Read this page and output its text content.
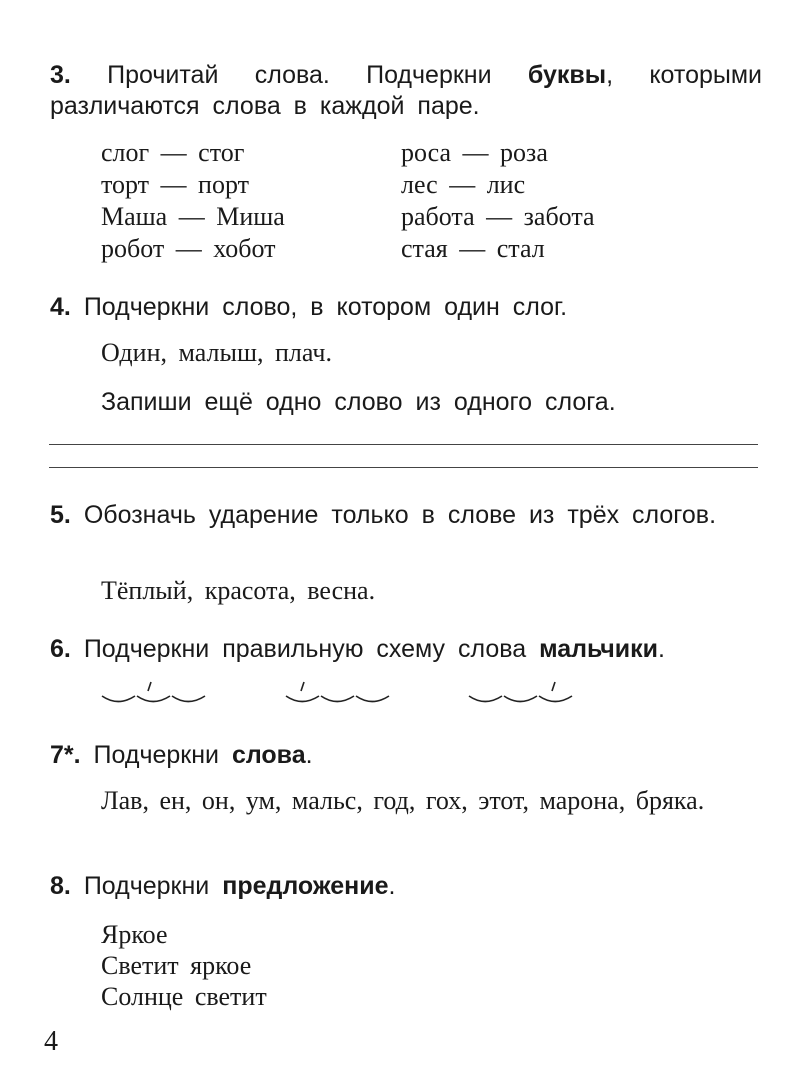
3. Прочитай слова. Подчеркни буквы, которыми различаются слова в каждой паре.
слог — стог
торт — порт
Маша — Миша
робот — хобот
роса — роза
лес — лис
работа — забота
стая — стал
4. Подчеркни слово, в котором один слог.
Один, малыш, плач.
Запиши ещё одно слово из одного слога.
5. Обозначь ударение только в слове из трёх слогов.
Тёплый, красота, весна.
6. Подчеркни правильную схему слова мальчики.
7*. Подчеркни слова.
Лав, ен, он, ум, мальс, год, гох, этот, марона, бряка.
8. Подчеркни предложение.
Яркое
Светит яркое
Солнце светит
4
